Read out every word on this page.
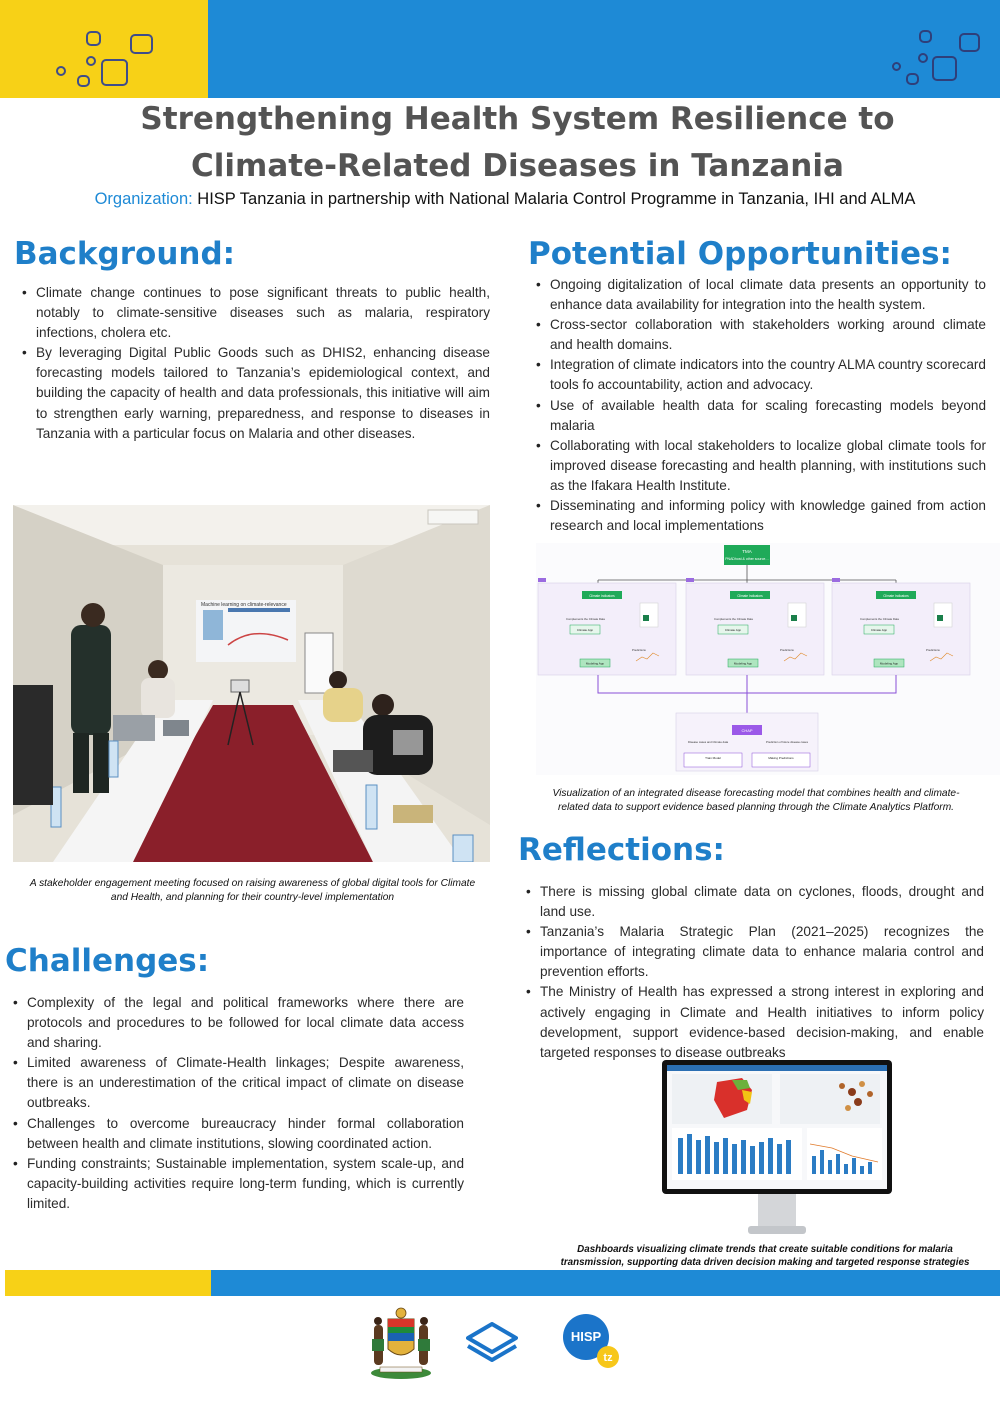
Strengthening Health System Resilience to
Climate-Related Diseases in Tanzania
Organization: HISP Tanzania in partnership with National Malaria Control Programme in Tanzania, IHI and ALMA
Background:
• Climate change continues to pose significant threats to public health, notably to climate-sensitive diseases such as malaria, respiratory infections, cholera etc.
• By leveraging Digital Public Goods such as DHIS2, enhancing disease forecasting models tailored to Tanzania’s epidemiological context, and building the capacity of health and data professionals, this initiative will aim to strengthen early warning, preparedness, and response to diseases in Tanzania with a particular focus on Malaria and other diseases.
Machine learning on climate-relevance
A stakeholder engagement meeting focused on raising awareness of global digital tools for Climate and Health, and planning for their country-level implementation
Challenges:
• Complexity of the legal and political frameworks where there are protocols and procedures to be followed for local climate data access and sharing.
• Limited awareness of Climate-Health linkages; Despite awareness, there is an underestimation of the critical impact of climate on disease outbreaks.
• Challenges to overcome bureaucracy hinder formal collaboration between health and climate institutions, slowing coordinated action.
• Funding constraints; Sustainable implementation, system scale-up, and capacity-building activities require long-term funding, which is currently limited.
Potential Opportunities:
• Ongoing digitalization of local climate data presents an opportunity to enhance data availability for integration into the health system.
• Cross-sector collaboration with stakeholders working around climate and health domains.
• Integration of climate indicators into the country ALMA country scorecard tools fo accountability, action and advocacy.
• Use of available health data for scaling forecasting models beyond malaria
• Collaborating with local stakeholders to localize global climate tools for improved disease forecasting and health planning, with institutions such as the Ifakara Health Institute.
• Disseminating and informing policy with knowledge gained from action research and local implementations
TMA
PNADhost & other source…
Climate Indicators	Climate Indicators	Climate Indicators
Complements the Climate Data	Complements the Climate Data	Complements the Climate Data
Climate App	Climate App	Climate App
Modeling App	Modeling App	Modeling App
Predictions	Predictions	Predictions
CHAP
Disease cases and Climate data	Prediction of future disease cases
Train Model	Making Predictions
Visualization of an integrated disease forecasting model that combines health and climate-related data to support evidence based planning through the Climate Analytics Platform.
Reflections:
• There is missing global climate data on cyclones, floods, drought and land use.
• Tanzania’s Malaria Strategic Plan (2021–2025) recognizes the importance of integrating climate data to enhance malaria control and prevention efforts.
• The Ministry of Health has expressed a strong interest in exploring and actively engaging in Climate and Health initiatives to inform policy development, support evidence-based decision-making, and enable targeted responses to disease outbreaks
Dashboards visualizing climate trends that create suitable conditions for malaria transmission, supporting data driven decision making and targeted response strategies
HISP
tz
